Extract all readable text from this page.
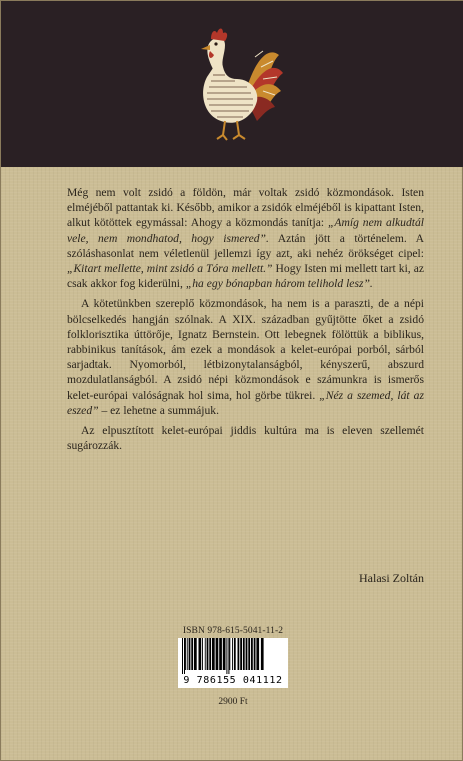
Még nem volt zsidó a földön, már voltak zsidó közmondások. Isten elméjéből pattantak ki. Később, amikor a zsidók elméjéből is kipattant Isten, alkut kötöttek egymással: Ahogy a közmondás tanítja: „Amíg nem alkudtál vele, nem mondhatod, hogy ismered”. Aztán jött a történelem. A szóláshasonlat nem véletlenül jellemzi így azt, aki nehéz örökséget cipel: „Kitart mellette, mint zsidó a Tóra mellett.” Hogy Isten mi mellett tart ki, az csak akkor fog kiderülni, „ha egy bónapban három telihold lesz”.

A kötetünkben szereplő közmondások, ha nem is a paraszti, de a népi bölcselkedés hangján szólnak. A XIX. században gyűjtötte őket a zsidó folklorisztika úttörője, Ignatz Bernstein. Ott lebegnek fölöttük a biblikus, rabbinikus tanítások, ám ezek a mondások a kelet-európai porból, sárból sarjadtak. Nyomorból, létbizonytalanságból, kényszerű, abszurd mozdulatlanságból. A zsidó népi közmondások e számunkra is ismerős kelet-európai valóságnak hol sima, hol görbe tükrei. „Néz a szemed, lát az eszed” – ez lehetne a summájuk.

Az elpusztított kelet-európai jiddis kultúra ma is eleven szellemét sugározzák.

Halasi Zoltán
ISBN 978-615-5041-11-2
9 786155 041112
2900 Ft
